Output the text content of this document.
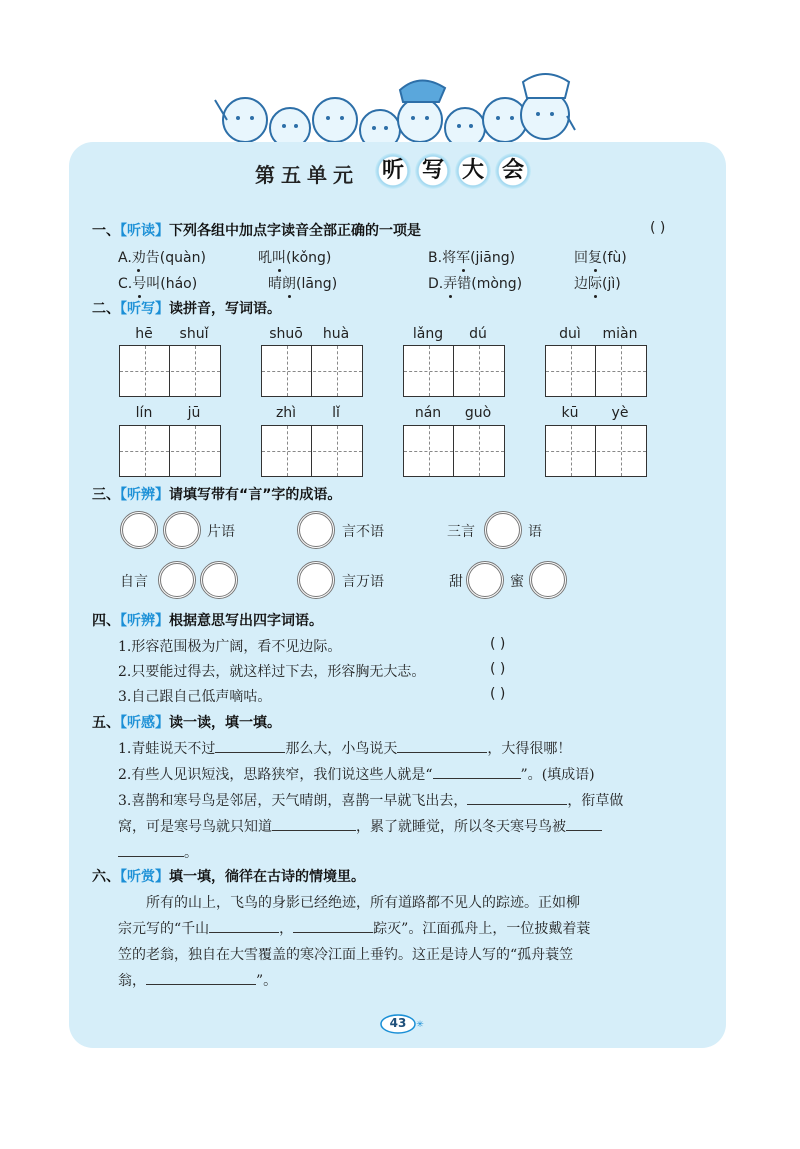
第五单元	听 写 大 会
一、【听读】下列各组中加点字读音全部正确的一项是	( )
A.劝告(quàn)	吼叫(kǒng)	B.将军(jiāng)	回复(fù)
C.号叫(háo)	晴朗(lāng)	D.弄错(mòng)	边际(jì)
二、【听写】读拼音，写词语。
hē	shuǐ	shuō	huà	lǎng	dú	duì	miàn
lín	jū	zhì	lǐ	nán	guò	kū	yè
三、【听辨】请填写带有“言”字的成语。
片语	言不语	三言	语
自言	言万语	甜	蜜
四、【听辨】根据意思写出四字词语。
1.形容范围极为广阔，看不见边际。	( )
2.只要能过得去，就这样过下去，形容胸无大志。	( )
3.自己跟自己低声嘀咕。	( )
五、【听感】读一读，填一填。
1.青蛙说天不过	那么大，小鸟说天	，大得很哪！
2.有些人见识短浅，思路狭窄，我们说这些人就是“	”。(填成语)
3.喜鹊和寒号鸟是邻居，天气晴朗，喜鹊一早就飞出去，	，衔草做
窝，可是寒号鸟就只知道	，累了就睡觉，所以冬天寒号鸟被
。
六、【听赏】填一填，徜徉在古诗的情境里。
所有的山上，飞鸟的身影已经绝迹，所有道路都不见人的踪迹。正如柳
宗元写的“千山	，	踪灭”。江面孤舟上，一位披戴着蓑
笠的老翁，独自在大雪覆盖的寒冷江面上垂钓。这正是诗人写的“孤舟蓑笠
翁，	”。
✳
43
